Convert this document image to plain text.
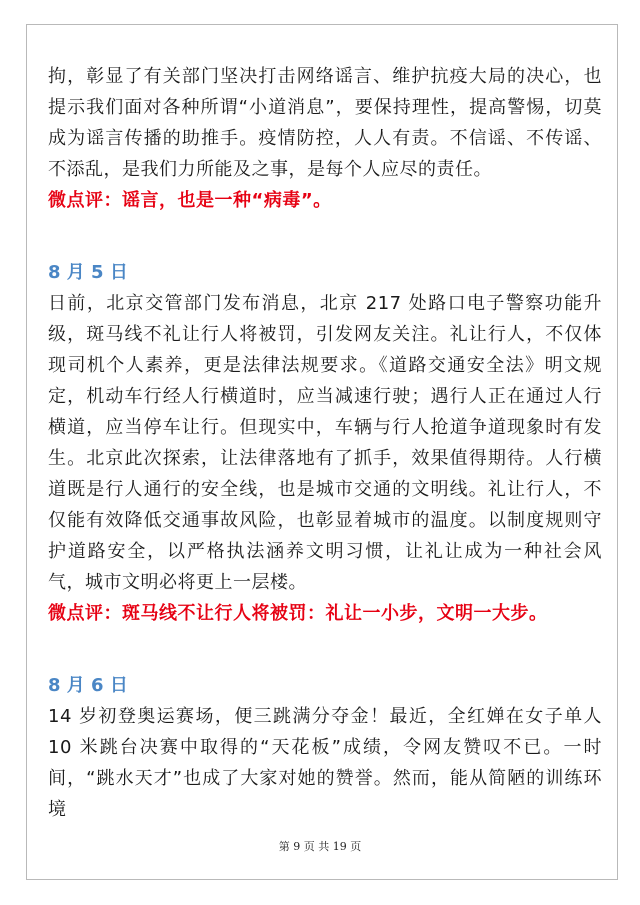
拘，彰显了有关部门坚决打击网络谣言、维护抗疫大局的决心，也提示我们面对各种所谓“小道消息”，要保持理性，提高警惕，切莫成为谣言传播的助推手。疫情防控，人人有责。不信谣、不传谣、不添乱，是我们力所能及之事，是每个人应尽的责任。

微点评：谣言，也是一种“病毒”。

8 月 5 日

日前，北京交管部门发布消息，北京 217 处路口电子警察功能升级，斑马线不礼让行人将被罚，引发网友关注。礼让行人，不仅体现司机个人素养，更是法律法规要求。《道路交通安全法》明文规定，机动车行经人行横道时，应当减速行驶；遇行人正在通过人行横道，应当停车让行。但现实中，车辆与行人抢道争道现象时有发生。北京此次探索，让法律落地有了抓手，效果值得期待。人行横道既是行人通行的安全线，也是城市交通的文明线。礼让行人，不仅能有效降低交通事故风险，也彰显着城市的温度。以制度规则守护道路安全，以严格执法涵养文明习惯，让礼让成为一种社会风气，城市文明必将更上一层楼。

微点评：斑马线不让行人将被罚：礼让一小步，文明一大步。

8 月 6 日

14 岁初登奥运赛场，便三跳满分夺金！最近，全红婵在女子单人 10 米跳台决赛中取得的“天花板”成绩，令网友赞叹不已。一时间，“跳水天才”也成了大家对她的赞誉。然而，能从简陋的训练环境

第 9 页 共 19 页
